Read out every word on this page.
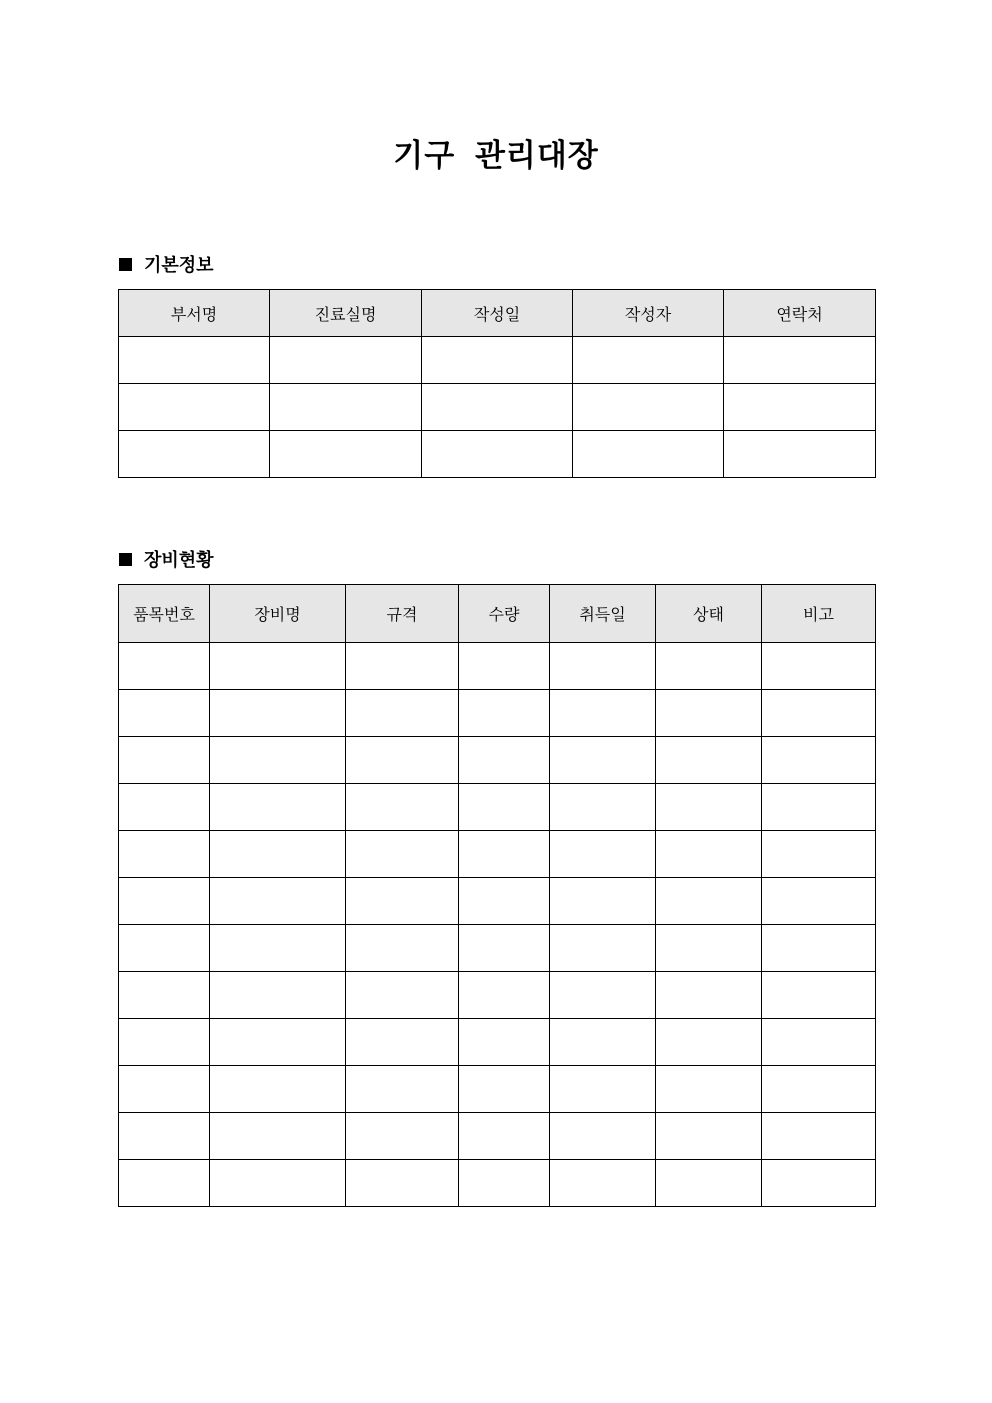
기구 관리대장
기본정보
부서명	진료실명	작성일	작성자	연락처

장비현황
품목번호	장비명	규격	수량	취득일	상태	비고
